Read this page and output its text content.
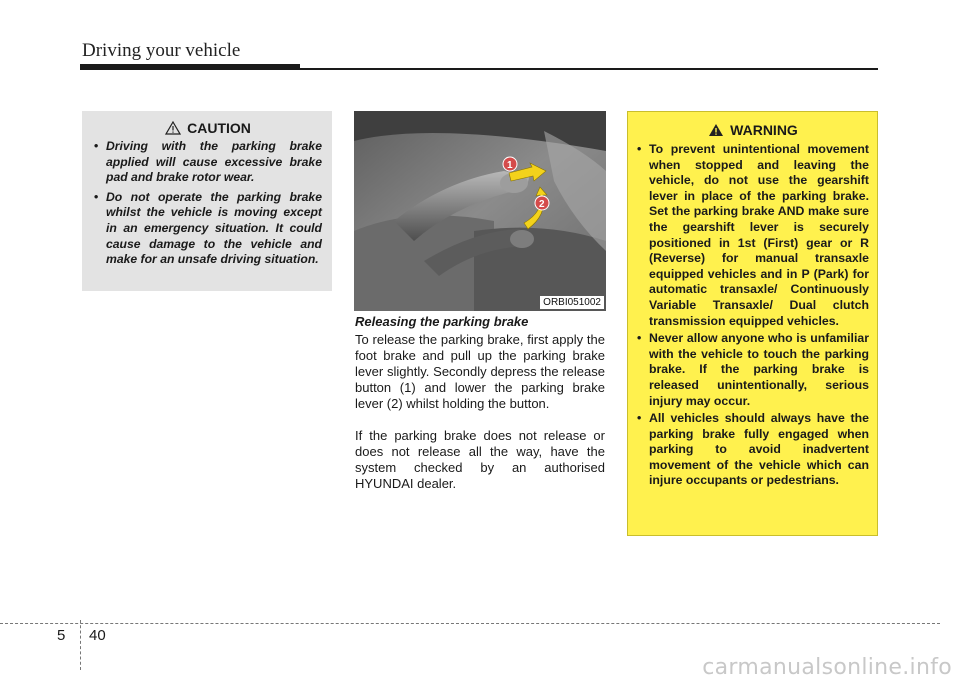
Driving your vehicle
CAUTION
• Driving with the parking brake applied will cause excessive brake pad and brake rotor wear.
• Do not operate the parking brake whilst the vehicle is moving except in an emergency situation. It could cause damage to the vehicle and make for an unsafe driving situation.
1
2
ORBI051002
Releasing the parking brake

To release the parking brake, first apply the foot brake and pull up the parking brake lever slightly. Secondly depress the release button (1) and lower the parking brake lever (2) whilst holding the button.

If the parking brake does not release or does not release all the way, have the system checked by an authorised HYUNDAI dealer.

WARNING
• To prevent unintentional movement when stopped and leaving the vehicle, do not use the gearshift lever in place of the parking brake. Set the parking brake AND make sure the gearshift lever is securely positioned in 1st (First) gear or R (Reverse) for manual transaxle equipped vehicles and in P (Park) for automatic transaxle/ Continuously Variable Transaxle/ Dual clutch transmission equipped vehicles.
• Never allow anyone who is unfamiliar with the vehicle to touch the parking brake. If the parking brake is released unintentionally, serious injury may occur.
• All vehicles should always have the parking brake fully engaged when parking to avoid inadvertent movement of the vehicle which can injure occupants or pedestrians.
5 40
carmanualsonline.info
